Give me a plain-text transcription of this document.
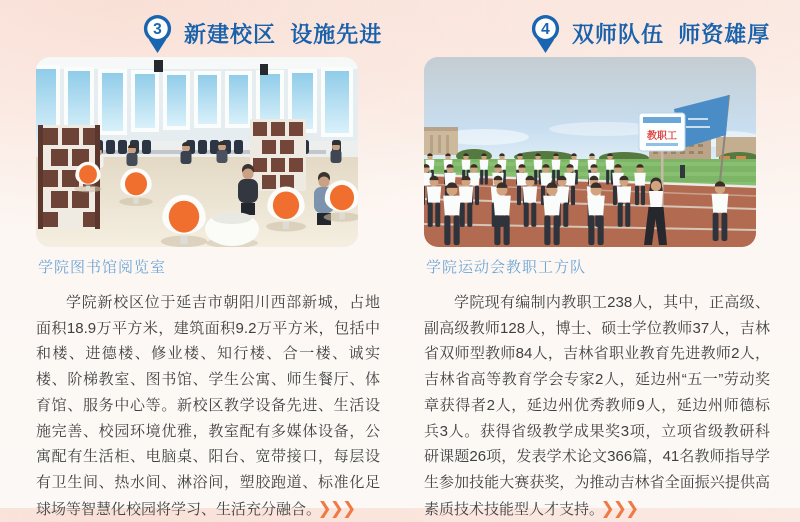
3 新建校区  设施先进
学院图书馆阅览室

学院新校区位于延吉市朝阳川西部新城，占地面积18.9万平方米，建筑面积9.2万平方米，包括中和楼、进德楼、修业楼、知行楼、合一楼、诚实楼、阶梯教室、图书馆、学生公寓、师生餐厅、体育馆、服务中心等。新校区教学设备先进、生活设施完善、校园环境优雅，教室配有多媒体设备，公寓配有生活柜、电脑桌、阳台、宽带接口，每层设有卫生间、热水间、淋浴间，塑胶跑道、标准化足球场等智慧化校园将学习、生活充分融合。 ❯❯❯

4 双师队伍  师资雄厚
教职工
学院运动会教职工方队

学院现有编制内教职工238人，其中，正高级、副高级教师128人，博士、硕士学位教师37人，吉林省双师型教师84人，吉林省职业教育先进教师2人，吉林省高等教育学会专家2人，延边州“五一”劳动奖章获得者2人，延边州优秀教师9人，延边州师德标兵3人。获得省级教学成果奖3项，立项省级教研科研课题26项，发表学术论文366篇，41名教师指导学生参加技能大赛获奖，为推动吉林省全面振兴提供高素质技术技能型人才支持。 ❯❯❯
